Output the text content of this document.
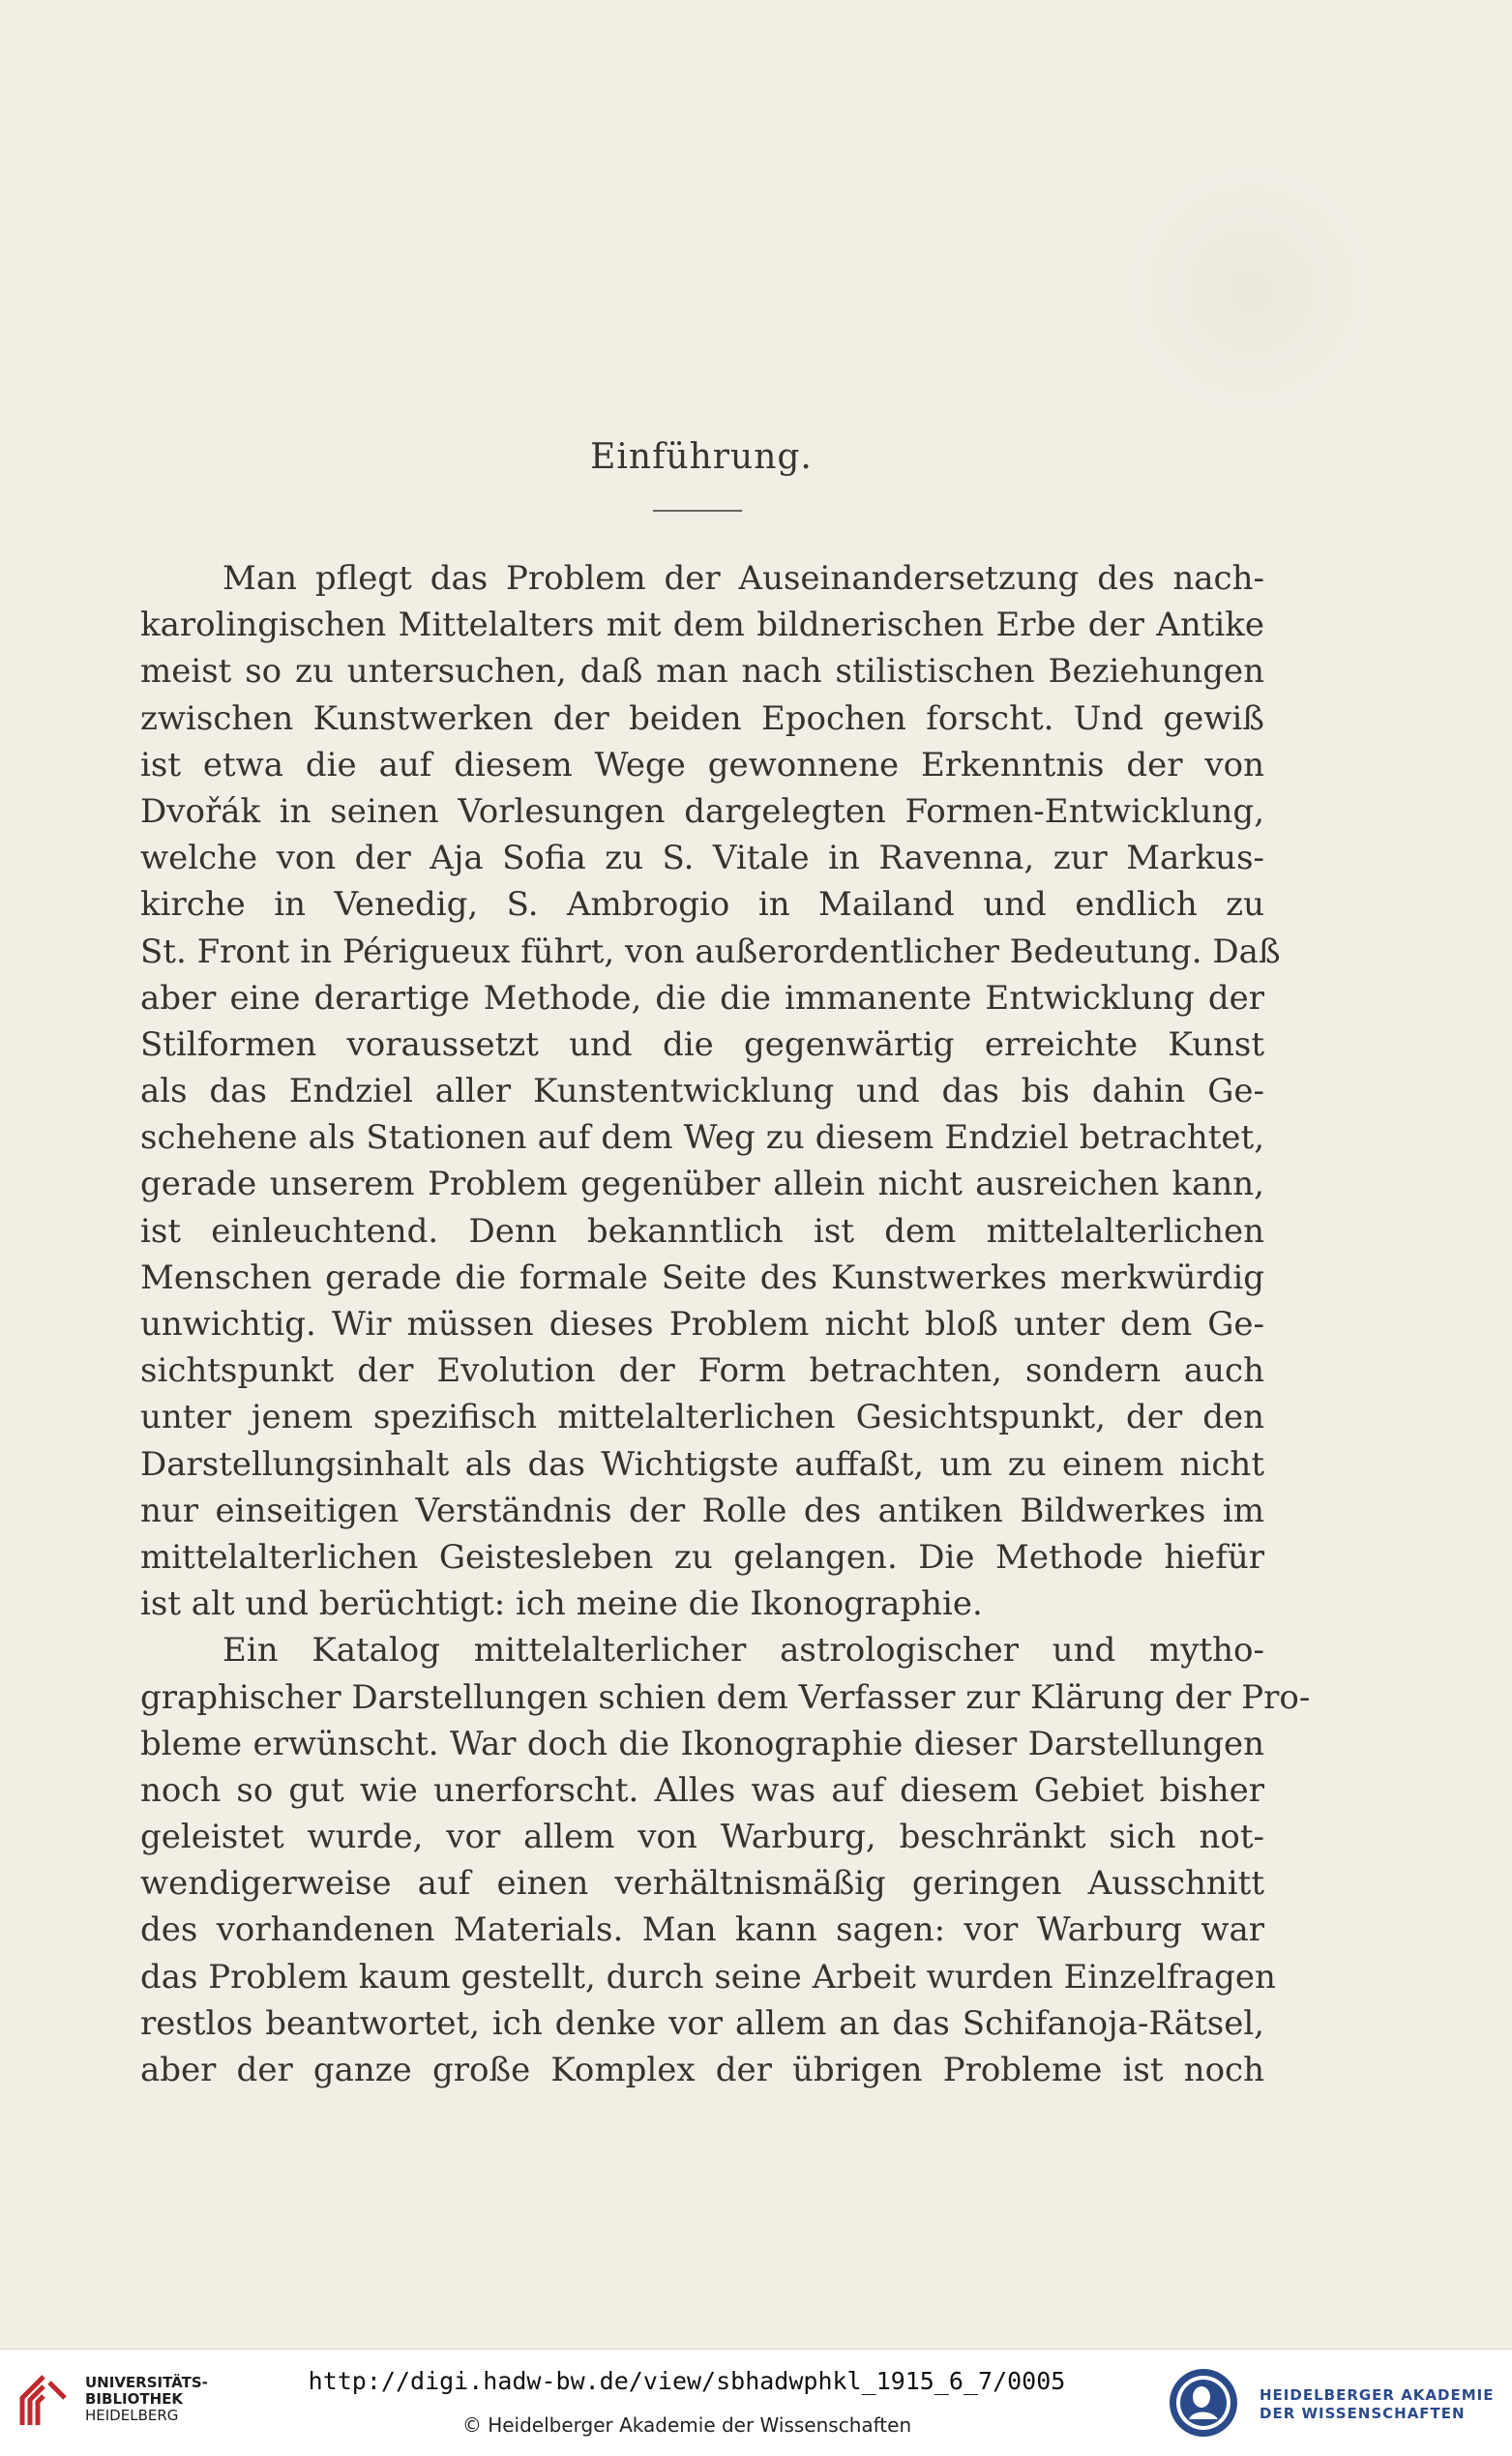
Einführung.
Man pflegt das Problem der Auseinandersetzung des nach-
karolingischen Mittelalters mit dem bildnerischen Erbe der Antike
meist so zu untersuchen, daß man nach stilistischen Beziehungen
zwischen Kunstwerken der beiden Epochen forscht. Und gewiß
ist etwa die auf diesem Wege gewonnene Erkenntnis der von
Dvořák in seinen Vorlesungen dargelegten Formen-Entwicklung,
welche von der Aja Sofia zu S. Vitale in Ravenna, zur Markus-
kirche in Venedig, S. Ambrogio in Mailand und endlich zu
St. Front in Périgueux führt, von außerordentlicher Bedeutung. Daß
aber eine derartige Methode, die die immanente Entwicklung der
Stilformen voraussetzt und die gegenwärtig erreichte Kunst
als das Endziel aller Kunstentwicklung und das bis dahin Ge-
schehene als Stationen auf dem Weg zu diesem Endziel betrachtet,
gerade unserem Problem gegenüber allein nicht ausreichen kann,
ist einleuchtend. Denn bekanntlich ist dem mittelalterlichen
Menschen gerade die formale Seite des Kunstwerkes merkwürdig
unwichtig. Wir müssen dieses Problem nicht bloß unter dem Ge-
sichtspunkt der Evolution der Form betrachten, sondern auch
unter jenem spezifisch mittelalterlichen Gesichtspunkt, der den
Darstellungsinhalt als das Wichtigste auffaßt, um zu einem nicht
nur einseitigen Verständnis der Rolle des antiken Bildwerkes im
mittelalterlichen Geistesleben zu gelangen. Die Methode hiefür
ist alt und berüchtigt: ich meine die Ikonographie.
Ein Katalog mittelalterlicher astrologischer und mytho-
graphischer Darstellungen schien dem Verfasser zur Klärung der Pro-
bleme erwünscht. War doch die Ikonographie dieser Darstellungen
noch so gut wie unerforscht. Alles was auf diesem Gebiet bisher
geleistet wurde, vor allem von Warburg, beschränkt sich not-
wendigerweise auf einen verhältnismäßig geringen Ausschnitt
des vorhandenen Materials. Man kann sagen: vor Warburg war
das Problem kaum gestellt, durch seine Arbeit wurden Einzelfragen
restlos beantwortet, ich denke vor allem an das Schifanoja-Rätsel,
aber der ganze große Komplex der übrigen Probleme ist noch
UNIVERSITÄTS-
BIBLIOTHEK
HEIDELBERG
http://digi.hadw-bw.de/view/sbhadwphkl_1915_6_7/0005
© Heidelberger Akademie der Wissenschaften
HEIDELBERGER AKADEMIE
DER WISSENSCHAFTEN
